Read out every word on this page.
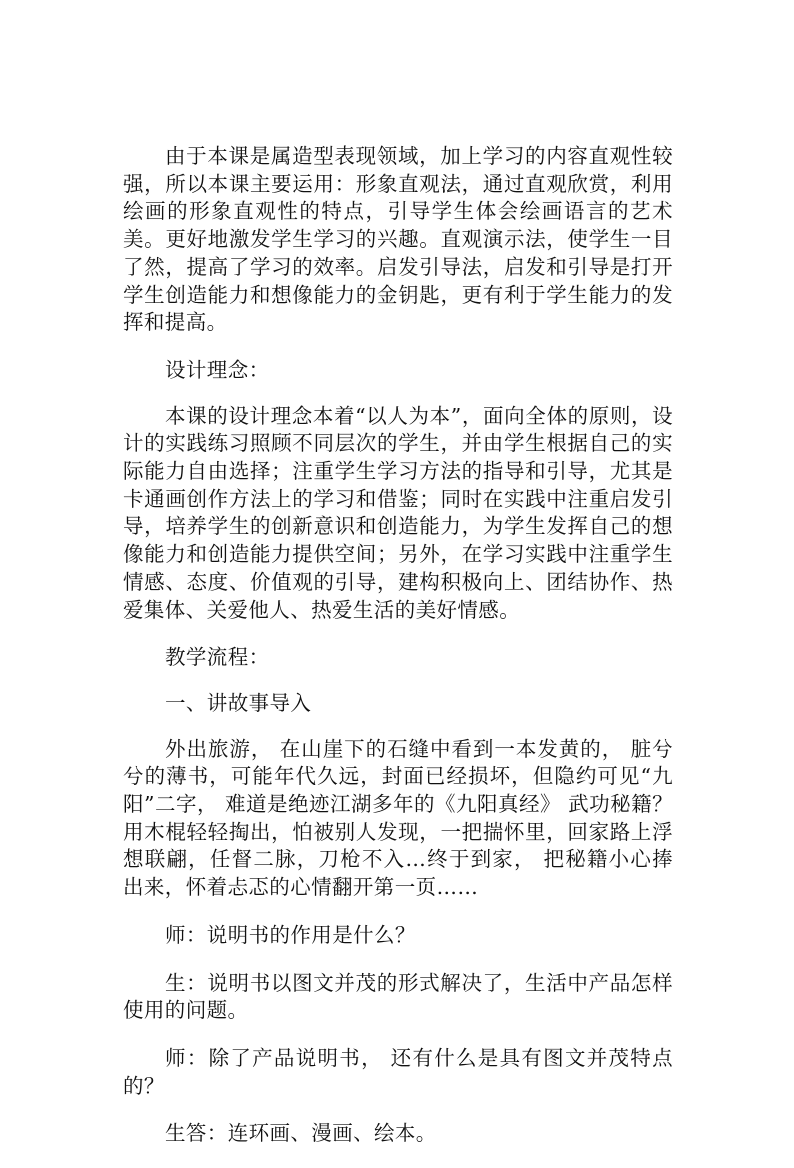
由于本课是属造型表现领域，加上学习的内容直观性较强，所以本课主要运用：形象直观法，通过直观欣赏，利用绘画的形象直观性的特点，引导学生体会绘画语言的艺术美。更好地激发学生学习的兴趣。直观演示法，使学生一目了然，提高了学习的效率。启发引导法，启发和引导是打开学生创造能力和想像能力的金钥匙，更有利于学生能力的发挥和提高。

设计理念：

本课的设计理念本着“以人为本”，面向全体的原则，设计的实践练习照顾不同层次的学生，并由学生根据自己的实际能力自由选择；注重学生学习方法的指导和引导，尤其是卡通画创作方法上的学习和借鉴；同时在实践中注重启发引导，培养学生的创新意识和创造能力，为学生发挥自己的想像能力和创造能力提供空间；另外，在学习实践中注重学生情感、态度、价值观的引导，建构积极向上、团结协作、热爱集体、关爱他人、热爱生活的美好情感。

教学流程：

一、讲故事导入

外出旅游， 在山崖下的石缝中看到一本发黄的， 脏兮兮的薄书，可能年代久远，封面已经损坏，但隐约可见“九阳”二字， 难道是绝迹江湖多年的《九阳真经》 武功秘籍？ 用木棍轻轻掏出，怕被别人发现，一把揣怀里，回家路上浮想联翩，任督二脉，刀枪不入…终于到家， 把秘籍小心捧出来，怀着忐忑的心情翻开第一页……

师：说明书的作用是什么？

生：说明书以图文并茂的形式解决了，生活中产品怎样使用的问题。

师：除了产品说明书， 还有什么是具有图文并茂特点的？

生答：连环画、漫画、绘本。
